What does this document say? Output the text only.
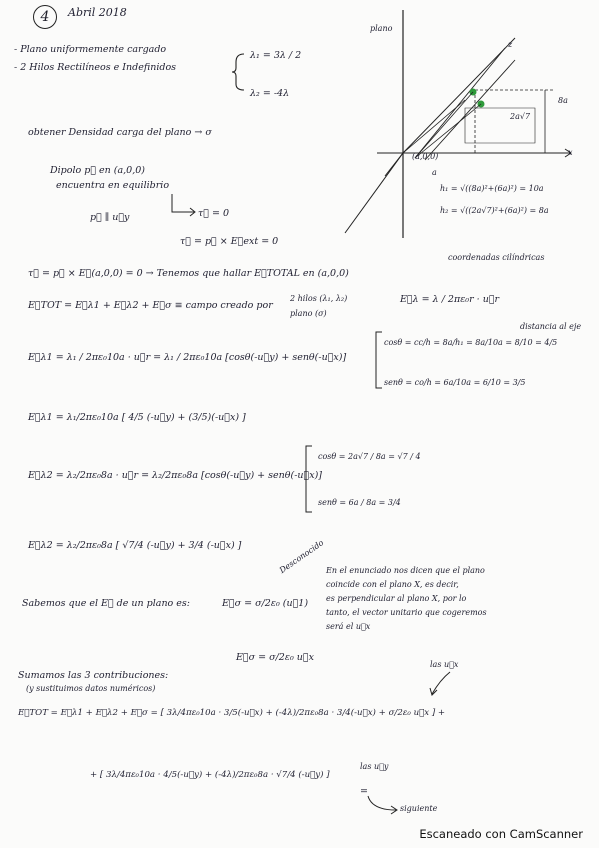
4	Abril 2018
- Plano uniformemente cargado
- 2 Hilos Rectilíneos e Indefinidos
λ₁ = 3λ / 2
λ₂ = -4λ
obtener Densidad carga del plano → σ
Dipolo p⃗ en (a,0,0)
encuentra en equilibrio
p⃗ ∥ u⃗y	τ⃗ = 0
τ⃗ = p⃗ × E⃗ext = 0
plano
x
z
(a,0,0)
a
8a
2a√7
h₁ = √((8a)²+(6a)²) = 10a
h₂ = √((2a√7)²+(6a)²) = 8a
coordenadas cilíndricas
τ⃗ = p⃗ × E⃗(a,0,0) = 0 → Tenemos que hallar E⃗TOTAL en (a,0,0)
E⃗TOT = E⃗λ1 + E⃗λ2 + E⃗σ ≡ campo creado por
2 hilos (λ₁, λ₂)
plano (σ)
E⃗λ = λ / 2πε₀r · u⃗r
distancia al eje
E⃗λ1 = λ₁ / 2πε₀10a · u⃗r = λ₁ / 2πε₀10a [cosθ(-u⃗y) + senθ(-u⃗x)]
cosθ = cc/h = 8a/h₁ = 8a/10a = 8/10 = 4/5
senθ = co/h = 6a/10a = 6/10 = 3/5
E⃗λ1 = λ₁/2πε₀10a [ 4/5 (-u⃗y) + (3/5)(-u⃗x) ]
E⃗λ2 = λ₂/2πε₀8a · u⃗r = λ₂/2πε₀8a [cosθ(-u⃗y) + senθ(-u⃗x)]
cosθ = 2a√7 / 8a = √7 / 4
senθ = 6a / 8a = 3/4
E⃗λ2 = λ₂/2πε₀8a [ √7/4 (-u⃗y) + 3/4 (-u⃗x) ]
Sabemos que el E⃗ de un plano es:	E⃗σ = σ/2ε₀ (u⃗1)
Desconocido En el enunciado nos dicen que el plano
coincide con el plano X, es decir,
es perpendicular al plano X, por lo
tanto, el vector unitario que cogeremos
será el u⃗x
E⃗σ = σ/2ε₀ u⃗x
Sumamos las 3 contribuciones:
(y sustituimos datos numéricos)
las u⃗x
E⃗TOT = E⃗λ1 + E⃗λ2 + E⃗σ = [ 3λ/4πε₀10a · 3/5(-u⃗x) + (-4λ)/2πε₀8a · 3/4(-u⃗x) + σ/2ε₀ u⃗x ] +
+ [ 3λ/4πε₀10a · 4/5(-u⃗y) + (-4λ)/2πε₀8a · √7/4 (-u⃗y) ]
las u⃗y
=
siguiente
Escaneado con CamScanner
